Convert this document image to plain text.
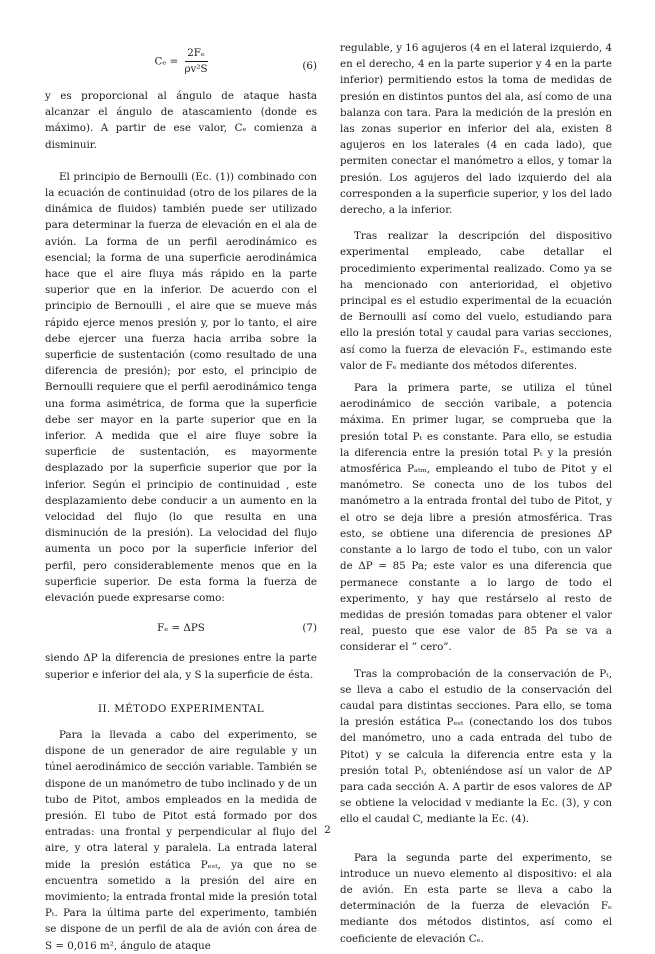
$C_e = \frac{\text{2Fₑ}}{\text{ρv²S}}$	(6)

y es proporcional al ángulo de ataque hasta alcanzar el ángulo de atascamiento (donde es máximo). A partir de ese valor, Cₑ comienza a disminuir.

El principio de Bernoulli (Ec. (1)) combinado con la ecuación de continuidad (otro de los pilares de la dinámica de fluidos) también puede ser utilizado para determinar la fuerza de elevación en el ala de avión. La forma de un perfil aerodinámico es esencial; la forma de una superficie aerodinámica hace que el aire fluya más rápido en la parte superior que en la inferior. De acuerdo con el principio de Bernoulli , el aire que se mueve más rápido ejerce menos presión y, por lo tanto, el aire debe ejercer una fuerza hacia arriba sobre la superficie de sustentación (como resultado de una diferencia de presión); por esto, el principio de Bernoulli requiere que el perfil aerodinámico tenga una forma asimétrica, de forma que la superficie debe ser mayor en la parte superior que en la inferior. A medida que el aire fluye sobre la superficie de sustentación, es mayormente desplazado por la superficie superior que por la inferior. Según el principio de continuidad , este desplazamiento debe conducir a un aumento en la velocidad del flujo (lo que resulta en una disminución de la presión). La velocidad del flujo aumenta un poco por la superficie inferior del perfil, pero considerablemente menos que en la superficie superior. De esta forma la fuerza de elevación puede expresarse como:

Fₑ = ΔPS	(7)

siendo ΔP la diferencia de presiones entre la parte superior e inferior del ala, y S la superficie de ésta.

II. MÉTODO EXPERIMENTAL

Para la llevada a cabo del experimento, se dispone de un generador de aire regulable y un túnel aerodinámico de sección variable. También se dispone de un manómetro de tubo inclinado y de un tubo de Pitot, ambos empleados en la medida de presión. El tubo de Pitot está formado por dos entradas: una frontal y perpendicular al flujo del aire, y otra lateral y paralela. La entrada lateral mide la presión estática Pₑₛₜ, ya que no se encuentra sometido a la presión del aire en movimiento; la entrada frontal mide la presión total Pₜ. Para la última parte del experimento, también se dispone de un perfil de ala de avión con área de S = 0,016 m², ángulo de ataque

regulable, y 16 agujeros (4 en el lateral izquierdo, 4 en el derecho, 4 en la parte superior y 4 en la parte inferior) permitiendo estos la toma de medidas de presión en distintos puntos del ala, así como de una balanza con tara. Para la medición de la presión en las zonas superior en inferior del ala, existen 8 agujeros en los laterales (4 en cada lado), que permiten conectar el manómetro a ellos, y tomar la presión. Los agujeros del lado izquierdo del ala corresponden a la superficie superior, y los del lado derecho, a la inferior.

Tras realizar la descripción del dispositivo experimental empleado, cabe detallar el procedimiento experimental realizado. Como ya se ha mencionado con anterioridad, el objetivo principal es el estudio experimental de la ecuación de Bernoulli así como del vuelo, estudiando para ello la presión total y caudal para varias secciones, así como la fuerza de elevación Fₑ, estimando este valor de Fₑ mediante dos métodos diferentes.

Para la primera parte, se utiliza el túnel aerodinámico de sección varibale, a potencia máxima. En primer lugar, se comprueba que la presión total Pₜ es constante. Para ello, se estudia la diferencia entre la presión total Pₜ y la presión atmosférica Pₐₜₘ, empleando el tubo de Pitot y el manómetro. Se conecta uno de los tubos del manómetro a la entrada frontal del tubo de Pitot, y el otro se deja libre a presión atmosférica. Tras esto, se obtiene una diferencia de presiones ΔP constante a lo largo de todo el tubo, con un valor de ΔP = 85 Pa; este valor es una diferencia que permanece constante a lo largo de todo el experimento, y hay que restárselo al resto de medidas de presión tomadas para obtener el valor real, puesto que ese valor de 85 Pa se va a considerar el ” cero”.

Tras la comprobación de la conservación de Pₜ, se lleva a cabo el estudio de la conservación del caudal para distintas secciones. Para ello, se toma la presión estática Pₑₛₜ (conectando los dos tubos del manómetro, uno a cada entrada del tubo de Pitot) y se calcula la diferencia entre esta y la presión total Pₜ, obteniéndose así un valor de ΔP para cada sección A. A partir de esos valores de ΔP se obtiene la velocidad v mediante la Ec. (3), y con ello el caudal C, mediante la Ec. (4).

Para la segunda parte del experimento, se introduce un nuevo elemento al dispositivo: el ala de avión. En esta parte se lleva a cabo la determinación de la fuerza de elevación Fₑ mediante dos métodos distintos, así como el coeficiente de elevación Cₑ.

2
